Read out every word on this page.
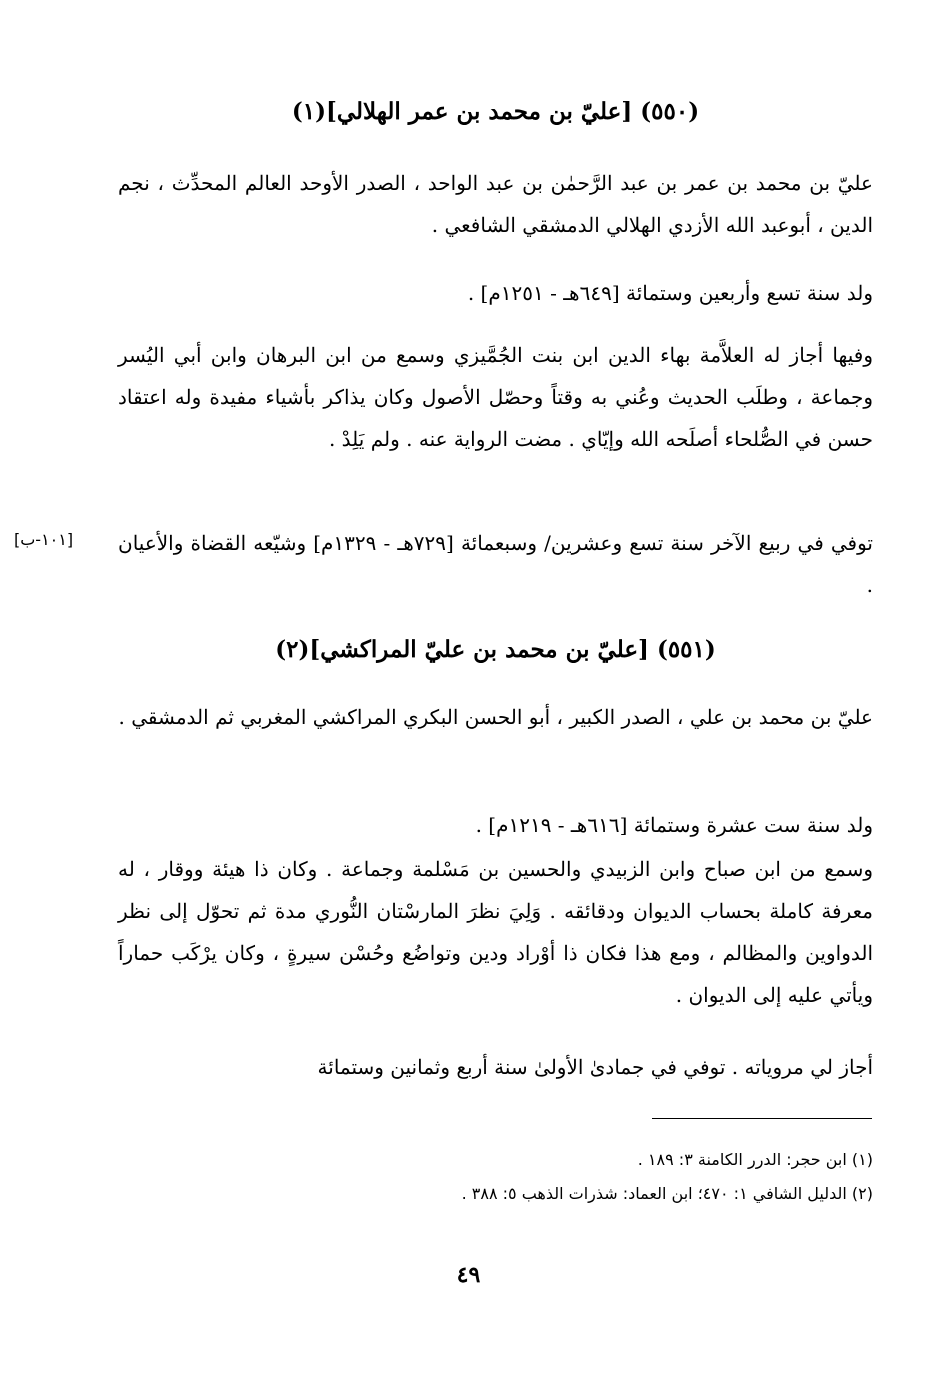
(٥٥٠) [عليّ بن محمد بن عمر الهلالي](١)
عليّ بن محمد بن عمر بن عبد الرَّحمٰن بن عبد الواحد ، الصدر الأوحد العالم المحدِّث ، نجم الدين ، أبوعبد الله الأزدي الهلالي الدمشقي الشافعي .
ولد سنة تسع وأربعين وستمائة [٦٤٩هـ - ١٢٥١م] .
وفيها أجاز له العلاَّمة بهاء الدين ابن بنت الجُمَّيزي وسمع من ابن البرهان وابن أبي اليُسر وجماعة ، وطلَب الحديث وعُني به وقتاً وحصّل الأصول وكان يذاكر بأشياء مفيدة وله اعتقاد حسن في الصُّلحاء أصلَحه الله وإيّاي . مضت الرواية عنه . ولم يَلِدْ .
توفي في ربيع الآخر سنة تسع وعشرين/ وسبعمائة [٧٢٩هـ - ١٣٢٩م] وشيّعه القضاة والأعيان .
[١٠١-ب]
(٥٥١) [عليّ بن محمد بن عليّ المراكشي](٢)
عليّ بن محمد بن علي ، الصدر الكبير ، أبو الحسن البكري المراكشي المغربي ثم الدمشقي .
ولد سنة ست عشرة وستمائة [٦١٦هـ - ١٢١٩م] .
وسمع من ابن صباح وابن الزبيدي والحسين بن مَسْلمة وجماعة . وكان ذا هيئة ووقار ، له معرفة كاملة بحساب الديوان ودقائقه . وَلِيَ نظرَ المارسْتان النُّوري مدة ثم تحوّل إلى نظر الدواوين والمظالم ، ومع هذا فكان ذا أوْراد ودين وتواضُع وحُسْن سيرةٍ ، وكان يرْكَب حماراً ويأتي عليه إلى الديوان .
أجاز لي مروياته . توفي في جمادىٰ الأولىٰ سنة أربع وثمانين وستمائة
(١) ابن حجر: الدرر الكامنة ٣: ١٨٩ .
(٢) الدليل الشافي ١: ٤٧٠؛ ابن العماد: شذرات الذهب ٥: ٣٨٨ .
٤٩
